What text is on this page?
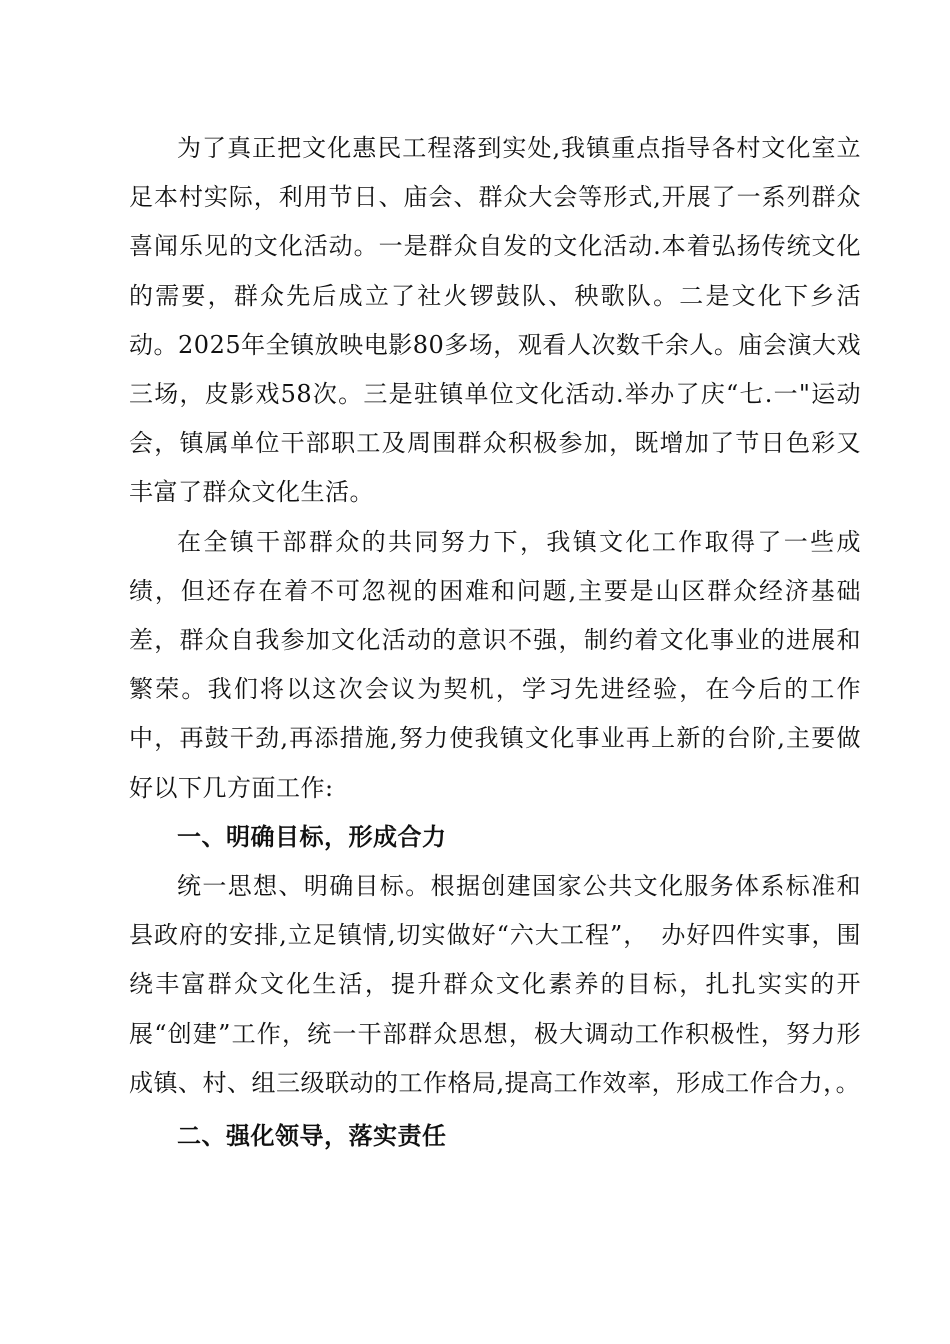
为了真正把文化惠民工程落到实处,我镇重点指导各村文化室立足本村实际，利用节日、庙会、群众大会等形式,开展了一系列群众喜闻乐见的文化活动。一是群众自发的文化活动.本着弘扬传统文化的需要，群众先后成立了社火锣鼓队、秧歌队。二是文化下乡活动。2025年全镇放映电影80多场，观看人次数千余人。庙会演大戏三场，皮影戏58次。三是驻镇单位文化活动.举办了庆“七.一"运动会，镇属单位干部职工及周围群众积极参加，既增加了节日色彩又丰富了群众文化生活。

在全镇干部群众的共同努力下，我镇文化工作取得了一些成绩，但还存在着不可忽视的困难和问题,主要是山区群众经济基础差，群众自我参加文化活动的意识不强，制约着文化事业的进展和繁荣。我们将以这次会议为契机，学习先进经验，在今后的工作中，再鼓干劲,再添措施,努力使我镇文化事业再上新的台阶,主要做好以下几方面工作:

一、明确目标，形成合力

统一思想、明确目标。根据创建国家公共文化服务体系标准和县政府的安排,立足镇情,切实做好“六大工程”，　办好四件实事，围绕丰富群众文化生活，提升群众文化素养的目标，扎扎实实的开展“创建”工作，统一干部群众思想，极大调动工作积极性，努力形成镇、村、组三级联动的工作格局,提高工作效率，形成工作合力，。

二、强化领导，落实责任
